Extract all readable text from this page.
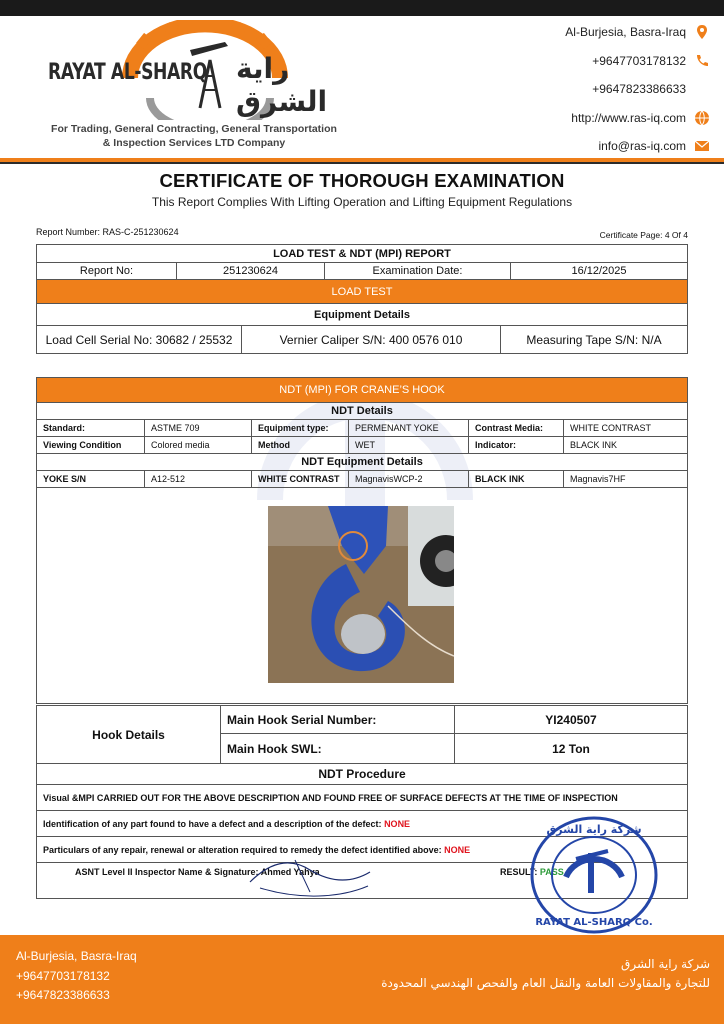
RAYAT AL-SHARQ راية الشرق
For Trading, General Contracting, General Transportation
& Inspection Services LTD Company
Al-Burjesia, Basra-Iraq
+9647703178132
+9647823386633
http://www.ras-iq.com
info@ras-iq.com
CERTIFICATE OF THOROUGH EXAMINATION
This Report Complies With Lifting Operation and Lifting Equipment Regulations
Report Number: RAS-C-251230624	Certificate Page: 4 Of 4
LOAD TEST & NDT (MPI) REPORT
Report No:	251230624	Examination Date:	16/12/2025
LOAD TEST
Equipment Details
Load Cell Serial No: 30682 / 25532	Vernier Caliper S/N: 400 0576 010	Measuring Tape S/N: N/A
NDT (MPI) FOR CRANE’S HOOK					
NDT Details					
Standard:	ASTME 709	Equipment type:	PERMENANT YOKE	Contrast Media:	WHITE CONTRAST
Viewing Condition	Colored media	Method	WET	Indicator:	BLACK INK
NDT Equipment Details					
YOKE S/N	A12-512	WHITE CONTRAST	MagnavisWCP-2	BLACK INK	Magnavis7HF

Hook Details	Main Hook Serial Number:	YI240507
	Main Hook SWL:	12 Ton
NDT Procedure
Visual &MPI CARRIED OUT FOR THE ABOVE DESCRIPTION AND FOUND FREE OF SURFACE DEFECTS AT THE TIME OF INSPECTION
Identification of any part found to have a defect and a description of the defect: NONE
Particulars of any repair, renewal or alteration required to remedy the defect identified above: NONE
ASNT Level II Inspector Name & Signature: Ahmed Yahya	RESULT: PASS
شركة راية الشرق
RAYAT AL-SHARQ Co.
Al-Burjesia, Basra-Iraq
+9647703178132
+9647823386633
شركة راية الشرق
للتجارة والمقاولات العامة والنقل العام والفحص الهندسي المحدودة
